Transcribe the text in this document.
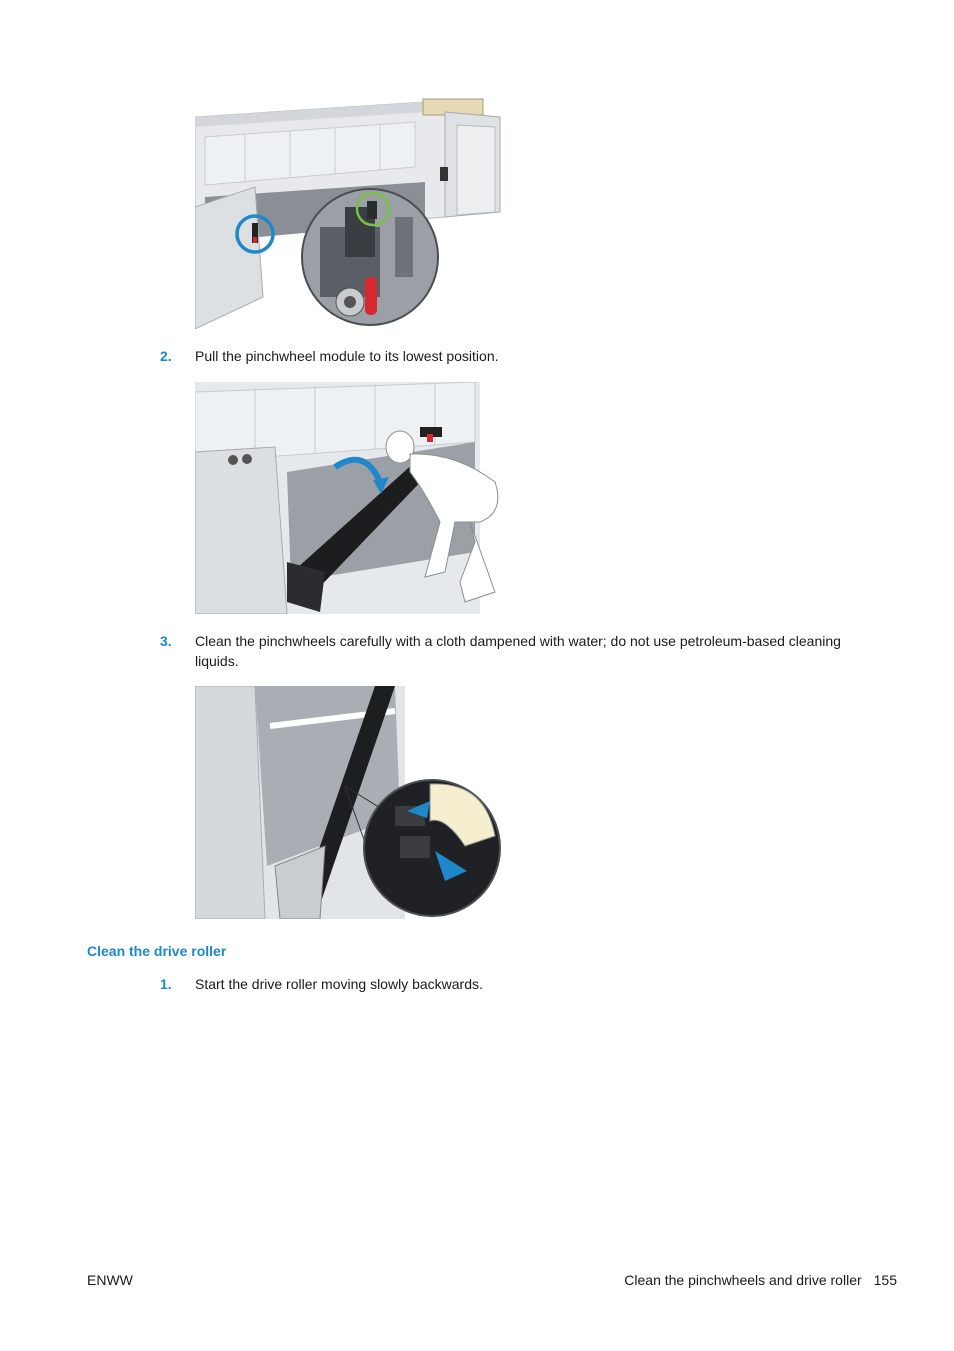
2. Pull the pinchwheel module to its lowest position.
3. Clean the pinchwheels carefully with a cloth dampened with water; do not use petroleum-based cleaning liquids.
Clean the drive roller
1. Start the drive roller moving slowly backwards.
ENWW	Clean the pinchwheels and drive roller 155
